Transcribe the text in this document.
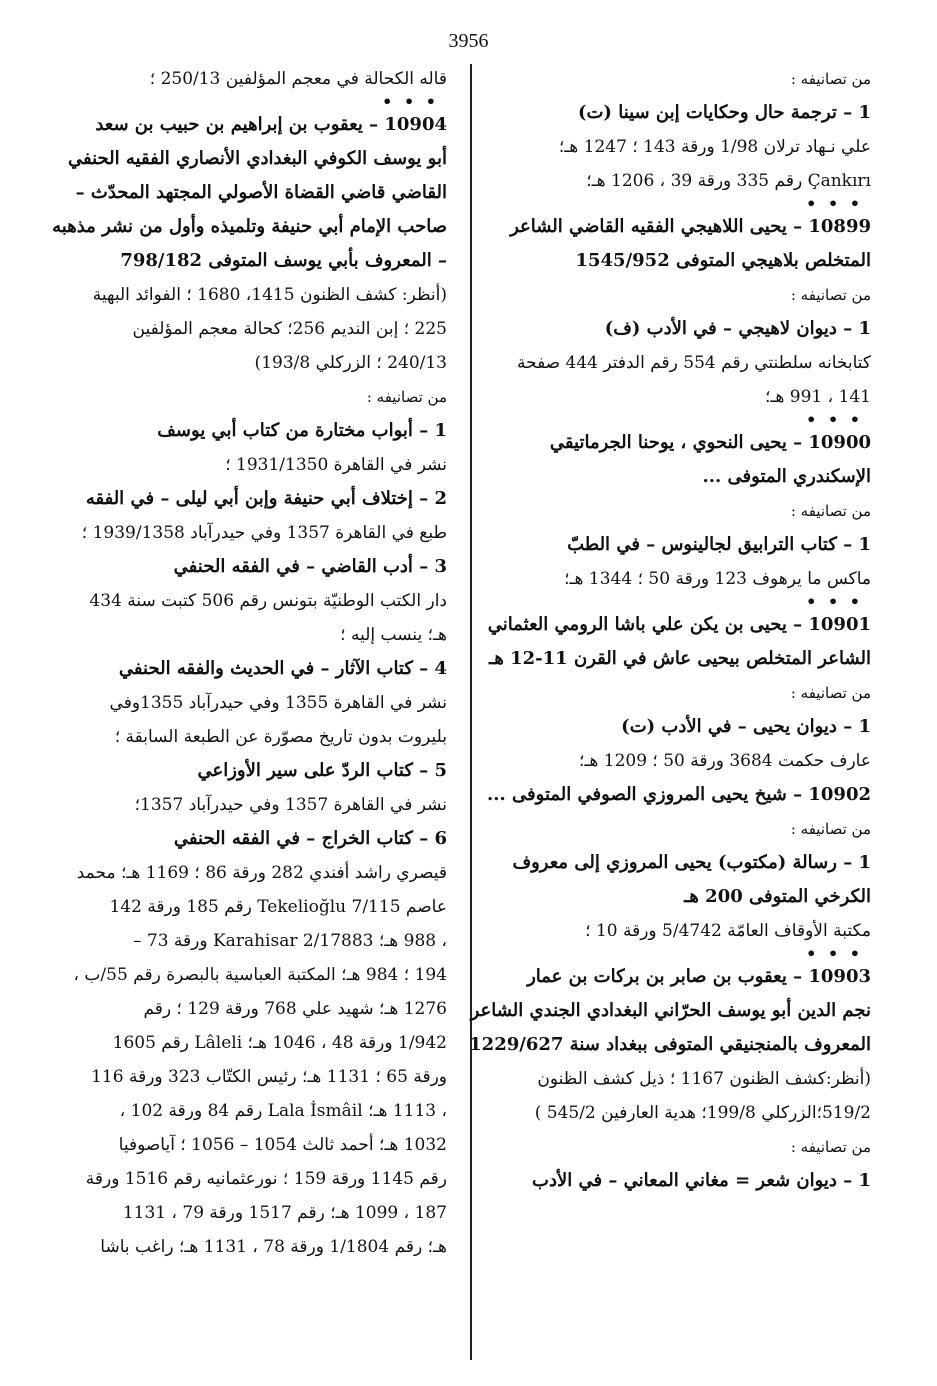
3956
من تصانيفه :
1 – ترجمة حال وحكايات إبن سينا (ت)
علي نـهاد ترلان 1/98 ورقة 143 ؛ 1247 هـ؛
Çankırı رقم 335 ورقة 39 ، 1206 هـ؛
• • •
10899 – يحيى اللاهيجي الفقيه القاضي الشاعر
المتخلص بلاهيجي المتوفى 1545/952
من تصانيفه :
1 – ديوان لاهيجي – في الأدب (ف)
كتابخانه سلطنتي رقم 554 رقم الدفتر 444 صفحة
141 ، 991 هـ؛
• • •
10900 – يحيى النحوي ، يوحنا الجرماتيقي
الإسكندري المتوفى ...
من تصانيفه :
1 – كتاب الترابيق لجالينوس – في الطبّ
ماكس ما يرهوف 123 ورقة 50 ؛ 1344 هـ؛
• • •
10901 – يحيى بن يكن علي باشا الرومي العثماني
الشاعر المتخلص بيحيى عاش في القرن 11-12 هـ
من تصانيفه :
1 – ديوان يحيى – في الأدب (ت)
عارف حكمت 3684 ورقة 50 ؛ 1209 هـ؛
10902 – شيخ يحيى المروزي الصوفي المتوفى ...
من تصانيفه :
1 – رسالة (مكتوب) يحيى المروزي إلى معروف
الكرخي المتوفى 200 هـ
مكتبة الأوقاف العامّة 5/4742 ورقة 10 ؛
• • •
10903 – يعقوب بن صابر بن بركات بن عمار
نجم الدين أبو يوسف الحرّاني البغدادي الجندي الشاعر
المعروف بالمنجنيقي المتوفى ببغداد سنة 1229/627
(أنظر:كشف الظنون 1167 ؛ ذيل كشف الظنون
519/2؛الزركلي 199/8؛ هدية العارفين 545/2 )
من تصانيفه :
1 – ديوان شعر = مغاني المعاني – في الأدب
قاله الكحالة في معجم المؤلفين 250/13 ؛
• • •
10904 – يعقوب بن إبراهيم بن حبيب بن سعد
أبو يوسف الكوفي البغدادي الأنصاري الفقيه الحنفي
القاضي قاضي القضاة الأصولي المجتهد المحدّث –
صاحب الإمام أبي حنيفة وتلميذه وأول من نشر مذهبه
– المعروف بأبي يوسف المتوفى 798/182
(أنظر: كشف الظنون 1415، 1680 ؛ الفوائد البهية
225 ؛ إبن النديم 256؛ كحالة معجم المؤلفين
240/13 ؛ الزركلي 193/8)
من تصانيفه :
1 – أبواب مختارة من كتاب أبي يوسف
نشر في القاهرة 1931/1350 ؛
2 – إختلاف أبي حنيفة وإبن أبي ليلى – في الفقه
طبع في القاهرة 1357 وفي حيدرآباد 1939/1358 ؛
3 – أدب القاضي – في الفقه الحنفي
دار الكتب الوطنيّة بتونس رقم 506 كتبت سنة 434
هـ؛ ينسب إليه ؛
4 – كتاب الآثار – في الحديث والفقه الحنفي
نشر في القاهرة 1355 وفي حيدرآباد 1355وفي
بليروت بدون تاريخ مصوّرة عن الطبعة السابقة ؛
5 – كتاب الردّ على سير الأوزاعي
نشر في القاهرة 1357 وفي حيدرآباد 1357؛
6 – كتاب الخراج – في الفقه الحنفي
قيصري راشد أفندي 282 ورقة 86 ؛ 1169 هـ؛ محمد
عاصم 7/115 Tekelioğlu رقم 185 ورقة 142
، 988 هـ؛ 2/17883 Karahisar ورقة 73 –
194 ؛ 984 هـ؛ المكتبة العباسية بالبصرة رقم 55/ب ،
1276 هـ؛ شهيد علي 768 ورقة 129 ؛ رقم
1/942 ورقة 48 ، 1046 هـ؛ Lâleli رقم 1605
ورقة 65 ؛ 1131 هـ؛ رئيس الكتّاب 323 ورقة 116
، 1113 هـ؛ Lala İsmâil رقم 84 ورقة 102 ،
1032 هـ؛ أحمد ثالث 1054 – 1056 ؛ آياصوفيا
رقم 1145 ورقة 159 ؛ نورعثمانيه رقم 1516 ورقة
187 ، 1099 هـ؛ رقم 1517 ورقة 79 ، 1131
هـ؛ رقم 1/1804 ورقة 78 ، 1131 هـ؛ راغب باشا
